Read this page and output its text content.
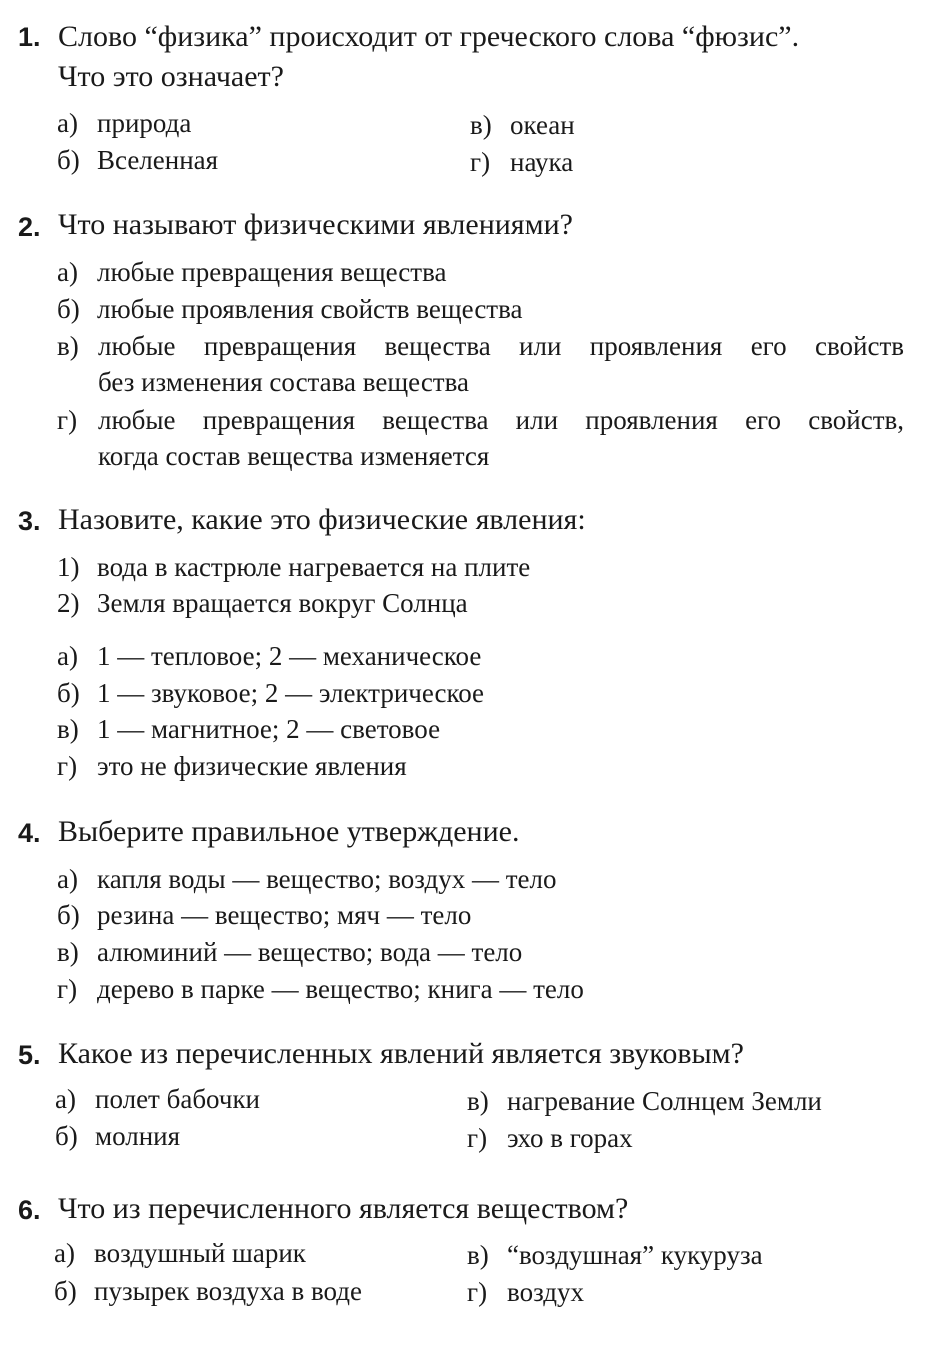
1. Слово “физика” происходит от греческого слова “фюзис”.
Что это означает?
а) природа	в) океан
б) Вселенная	г) наука
2. Что называют физическими явлениями?
а) любые превращения вещества
б) любые проявления свойств вещества
в) любые превращения вещества или проявления его свойств
без изменения состава вещества
г) любые превращения вещества или проявления его свойств,
когда состав вещества изменяется
3. Назовите, какие это физические явления:
1) вода в кастрюле нагревается на плите
2) Земля вращается вокруг Солнца
а) 1 — тепловое; 2 — механическое
б) 1 — звуковое; 2 — электрическое
в) 1 — магнитное; 2 — световое
г) это не физические явления
4. Выберите правильное утверждение.
а) капля воды — вещество; воздух — тело
б) резина — вещество; мяч — тело
в) алюминий — вещество; вода — тело
г) дерево в парке — вещество; книга — тело
5. Какое из перечисленных явлений является звуковым?
а) полет бабочки	в) нагревание Солнцем Земли
б) молния	г) эхо в горах
6. Что из перечисленного является веществом?
а) воздушный шарик	в) “воздушная” кукуруза
б) пузырек воздуха в воде	г) воздух
